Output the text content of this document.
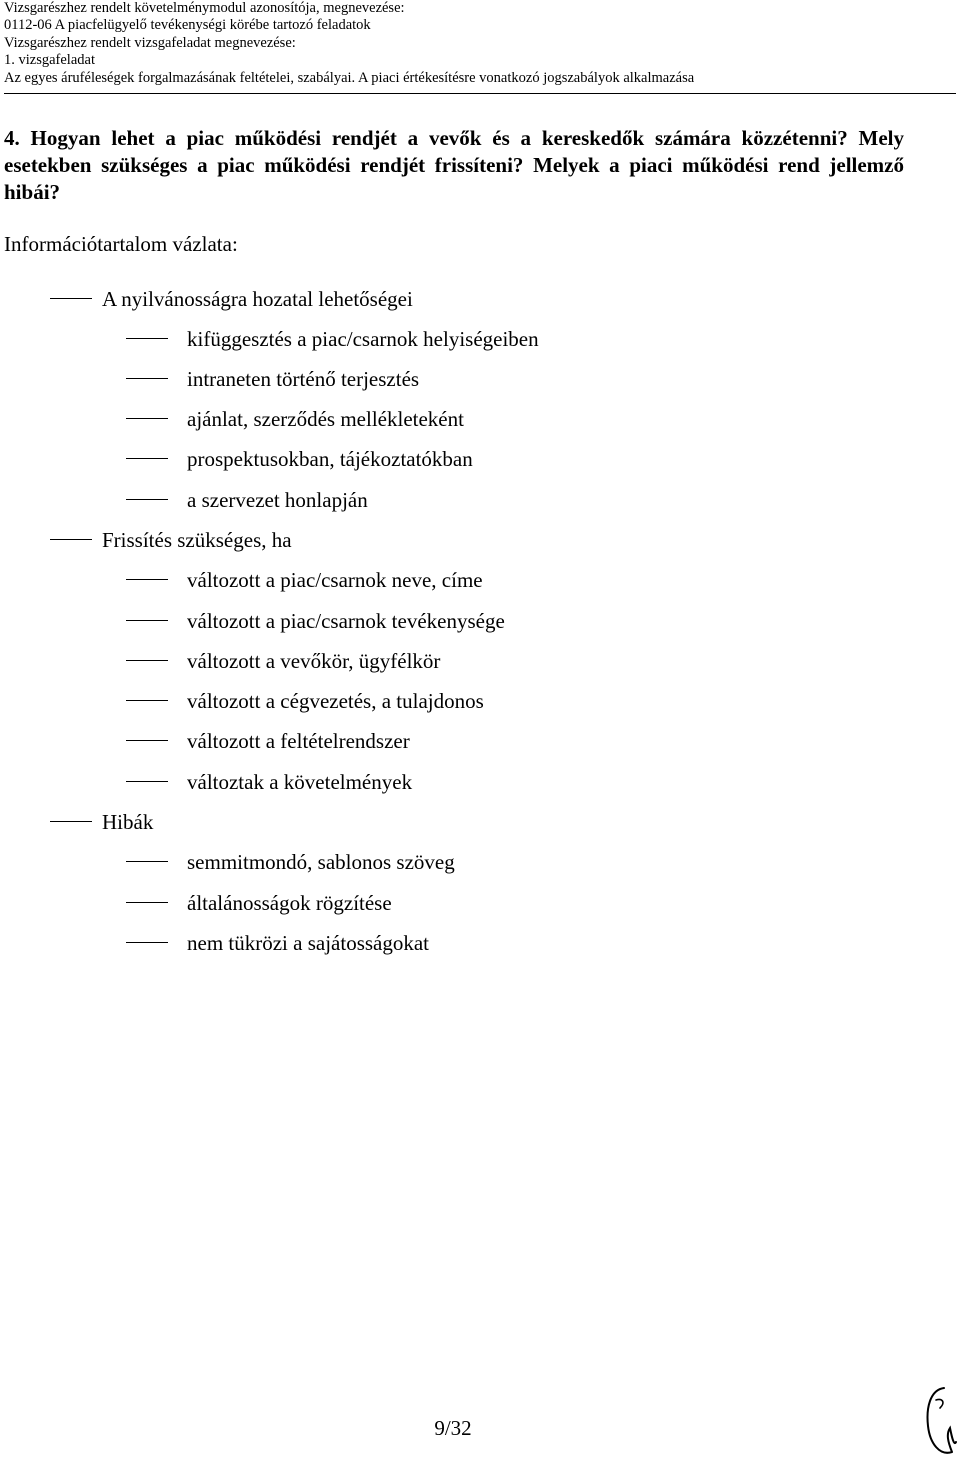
Vizsgarészhez rendelt követelménymodul azonosítója, megnevezése:
0112-06 A piacfelügyelő tevékenységi körébe tartozó feladatok
Vizsgarészhez rendelt vizsgafeladat megnevezése:
1. vizsgafeladat
Az egyes áruféleségek forgalmazásának feltételei, szabályai. A piaci értékesítésre vonatkozó jogszabályok alkalmazása
4. Hogyan lehet a piac működési rendjét a vevők és a kereskedők számára közzétenni? Mely esetekben szükséges a piac működési rendjét frissíteni? Melyek a piaci működési rend jellemző hibái?
Információtartalom vázlata:
A nyilvánosságra hozatal lehetőségei
kifüggesztés a piac/csarnok helyiségeiben
intraneten történő terjesztés
ajánlat, szerződés mellékleteként
prospektusokban, tájékoztatókban
a szervezet honlapján
Frissítés szükséges, ha
változott a piac/csarnok neve, címe
változott a piac/csarnok tevékenysége
változott a vevőkör, ügyfélkör
változott a cégvezetés, a tulajdonos
változott a feltételrendszer
változtak a követelmények
Hibák
semmitmondó, sablonos szöveg
általánosságok rögzítése
nem tükrözi a sajátosságokat
9/32
